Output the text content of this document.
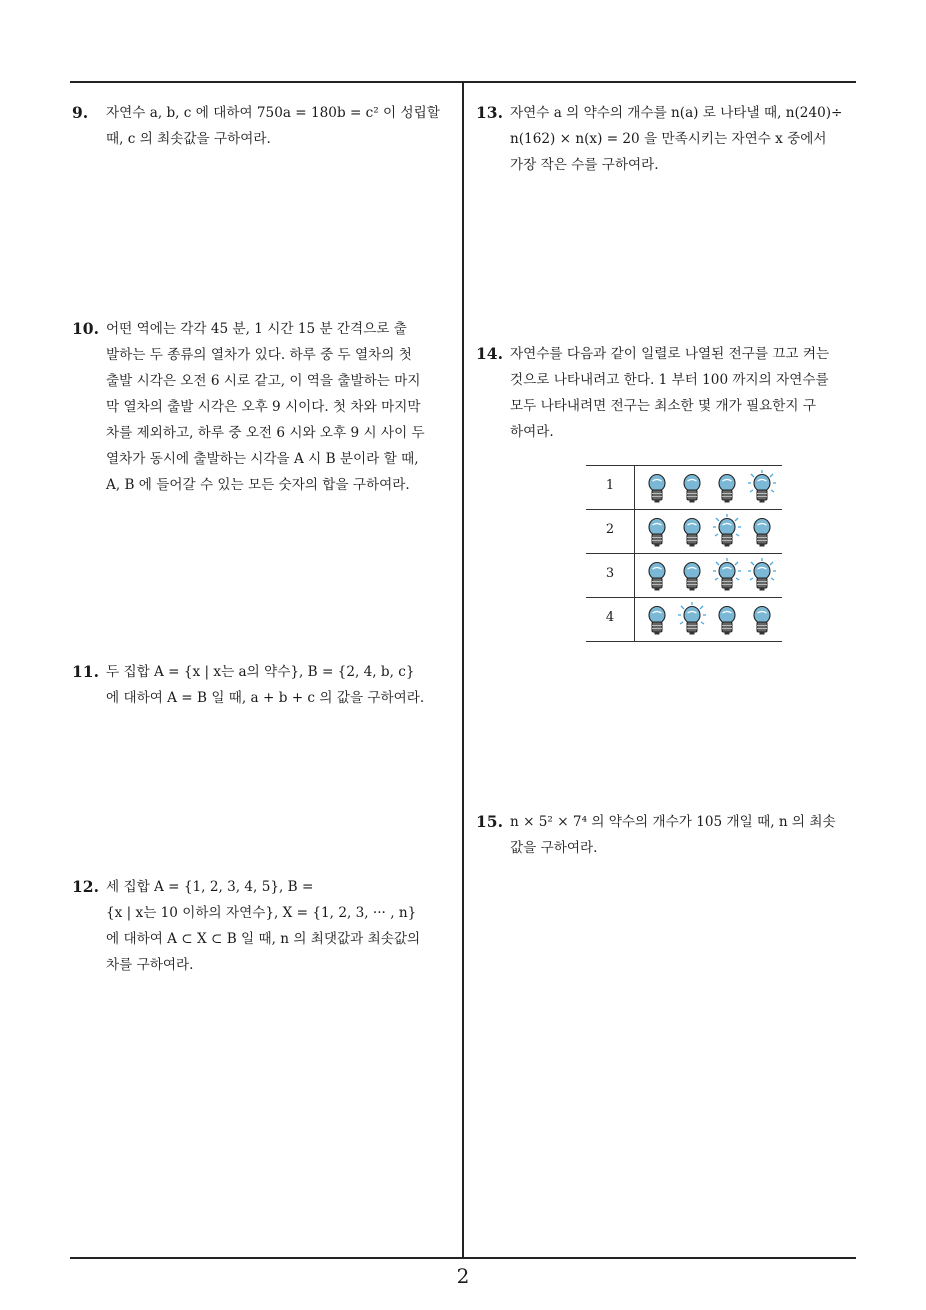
9. 자연수 a, b, c 에 대하여 750a = 180b = c² 이 성립할
때, c 의 최솟값을 구하여라.
10. 어떤 역에는 각각 45 분, 1 시간 15 분 간격으로 출
발하는 두 종류의 열차가 있다. 하루 중 두 열차의 첫
출발 시각은 오전 6 시로 같고, 이 역을 출발하는 마지
막 열차의 출발 시각은 오후 9 시이다. 첫 차와 마지막
차를 제외하고, 하루 중 오전 6 시와 오후 9 시 사이 두
열차가 동시에 출발하는 시각을 A 시 B 분이라 할 때,
A, B 에 들어갈 수 있는 모든 숫자의 합을 구하여라.
11. 두 집합 A = {x | x는 a의 약수}, B = {2, 4, b, c}
에 대하여 A = B 일 때, a + b + c 의 값을 구하여라.
12. 세 집합 A = {1, 2, 3, 4, 5}, B =
{x | x는 10 이하의 자연수}, X = {1, 2, 3, ··· , n}
에 대하여 A ⊂ X ⊂ B 일 때, n 의 최댓값과 최솟값의
차를 구하여라.
13. 자연수 a 의 약수의 개수를 n(a) 로 나타낼 때, n(240)÷
n(162) × n(x) = 20 을 만족시키는 자연수 x 중에서
가장 작은 수를 구하여라.
14. 자연수를 다음과 같이 일렬로 나열된 전구를 끄고 켜는
것으로 나타내려고 한다. 1 부터 100 까지의 자연수를
모두 나타내려면 전구는 최소한 몇 개가 필요한지 구
하여라.
1
2
3
4
15. n × 5² × 7⁴ 의 약수의 개수가 105 개일 때, n 의 최솟
값을 구하여라.
2
